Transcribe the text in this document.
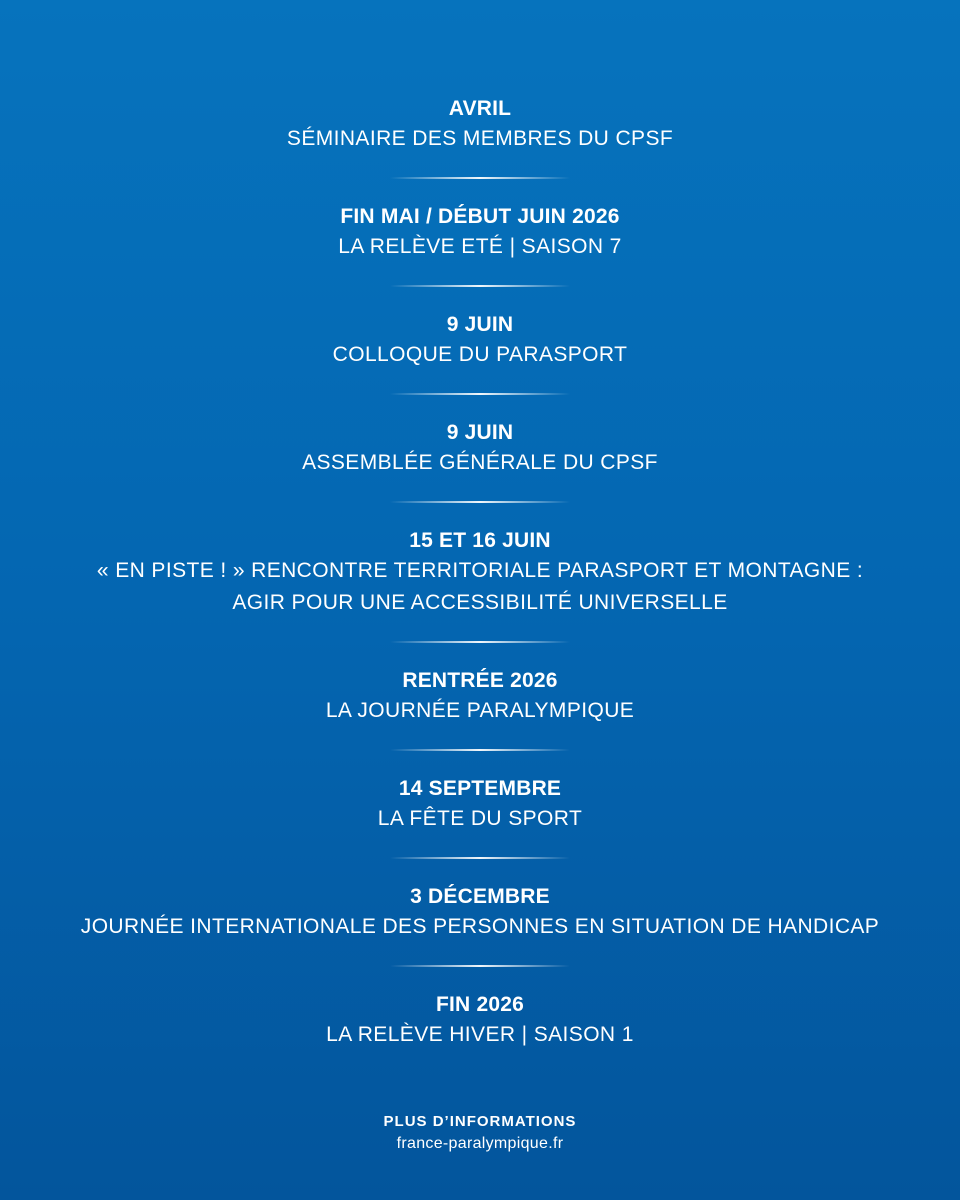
AVRIL
SÉMINAIRE DES MEMBRES DU CPSF
FIN MAI / DÉBUT JUIN 2026
LA RELÈVE ETÉ | SAISON 7
9 JUIN
COLLOQUE DU PARASPORT
9 JUIN
ASSEMBLÉE GÉNÉRALE DU CPSF
15 ET 16 JUIN
« EN PISTE ! » RENCONTRE TERRITORIALE PARASPORT ET MONTAGNE :
AGIR POUR UNE ACCESSIBILITÉ UNIVERSELLE
RENTRÉE 2026
LA JOURNÉE PARALYMPIQUE
14 SEPTEMBRE
LA FÊTE DU SPORT
3 DÉCEMBRE
JOURNÉE INTERNATIONALE DES PERSONNES EN SITUATION DE HANDICAP
FIN 2026
LA RELÈVE HIVER | SAISON 1
PLUS D’INFORMATIONS
france-paralympique.fr
